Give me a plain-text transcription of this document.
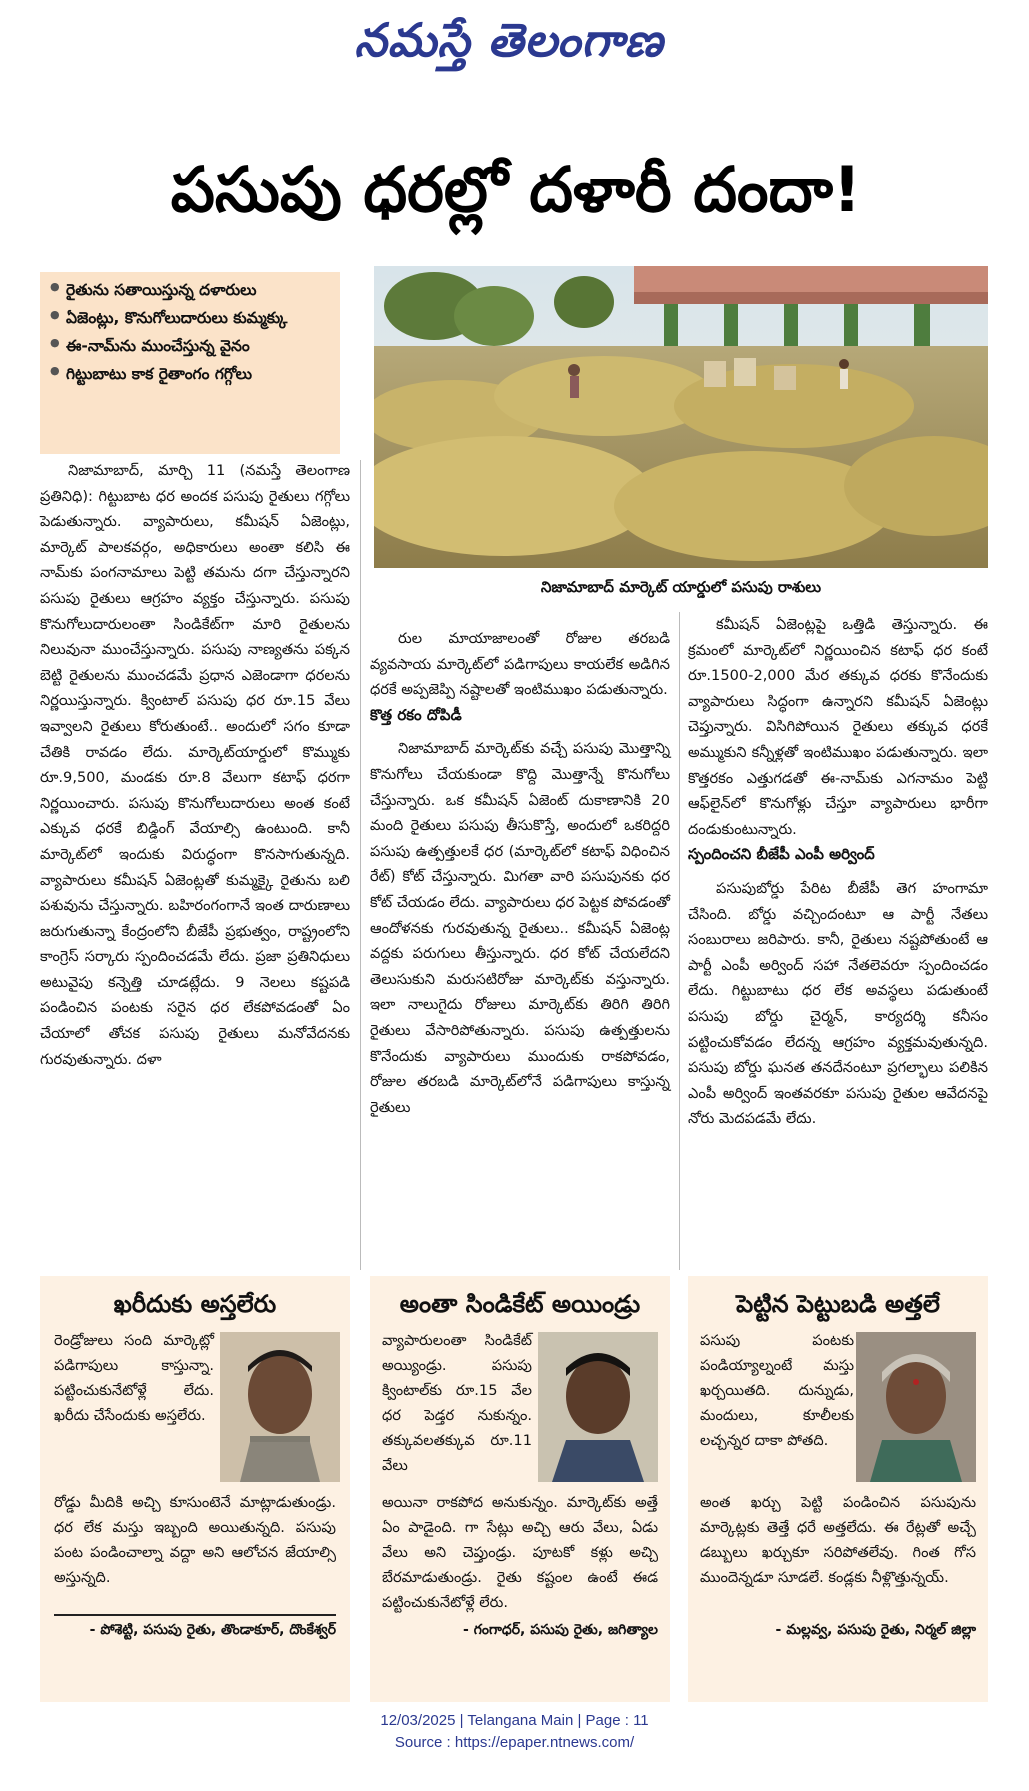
నమస్తే తెలంగాణ
పసుపు ధరల్లో దళారీ దందా!
● రైతును సతాయిస్తున్న దళారులు
● ఏజెంట్లు, కొనుగోలుదారులు కుమ్మక్కు
● ఈ-నామ్‌ను ముంచేస్తున్న వైనం
● గిట్టుబాటు కాక రైతాంగం గగ్గోలు
నిజామాబాద్ మార్కెట్ యార్డులో పసుపు రాశులు

నిజామాబాద్, మార్చి 11 (నమస్తే తెలంగాణ ప్రతినిధి): గిట్టుబాట ధర అందక పసుపు రైతులు గగ్గోలు పెడుతున్నారు. వ్యాపారులు, కమీషన్ ఏజెంట్లు, మార్కెట్ పాలకవర్గం, అధికారులు అంతా కలిసి ఈ నామ్‌కు పంగనామాలు పెట్టి తమను దగా చేస్తున్నారని పసుపు రైతులు ఆగ్రహం వ్యక్తం చేస్తున్నారు. పసుపు కొనుగోలుదారులంతా సిండికేట్‌గా మారి రైతులను నిలువునా ముంచేస్తున్నారు. పసుపు నాణ్యతను పక్కన బెట్టి రైతులను ముంచడమే ప్రధాన ఎజెండాగా ధరలను నిర్ణయిస్తున్నారు. క్వింటాల్ పసుపు ధర రూ.15 వేలు ఇవ్వాలని రైతులు కోరుతుంటే.. అందులో సగం కూడా చేతికి రావడం లేదు. మార్కెట్‌యార్డులో కొమ్ముకు రూ.9,500, మండకు రూ.8 వేలుగా కటాఫ్ ధరగా నిర్ణయించారు. పసుపు కొనుగోలుదారులు అంత కంటే ఎక్కువ ధరకే బిడ్డింగ్ వేయాల్సి ఉంటుంది. కానీ మార్కెట్‌లో ఇందుకు విరుద్ధంగా కొనసాగుతున్నది. వ్యాపారులు కమీషన్ ఏజెంట్లతో కుమ్మక్కై రైతును బలి పశువును చేస్తున్నారు. బహిరంగంగానే ఇంత దారుణాలు జరుగుతున్నా కేంద్రంలోని బీజేపీ ప్రభుత్వం, రాష్ట్రంలోని కాంగ్రెస్ సర్కారు స్పందించడమే లేదు. ప్రజా ప్రతినిధులు అటువైపు కన్నెత్తి చూడట్లేదు. 9 నెలలు కష్టపడి పండించిన పంటకు సరైన ధర లేకపోవడంతో ఏం చేయాలో తోచక పసుపు రైతులు మనోవేదనకు గురవుతున్నారు. దళా

రుల మాయాజాలంతో రోజుల తరబడి వ్యవసాయ మార్కెట్‌లో పడిగాపులు కాయలేక అడిగిన ధరకే అప్పజెప్పి నష్టాలతో ఇంటిముఖం పడుతున్నారు.

కొత్త రకం దోపిడీ

నిజామాబాద్ మార్కెట్‌కు వచ్చే పసుపు మొత్తాన్ని కొనుగోలు చేయకుండా కొద్ది మొత్తాన్నే కొనుగోలు చేస్తున్నారు. ఒక కమీషన్ ఏజెంట్ దుకాణానికి 20 మంది రైతులు పసుపు తీసుకొస్తే, అందులో ఒకరిద్దరి పసుపు ఉత్పత్తులకే ధర (మార్కెట్‌లో కటాఫ్ విధించిన రేట్) కోట్ చేస్తున్నారు. మిగతా వారి పసుపునకు ధర కోట్ చేయడం లేదు. వ్యాపారులు ధర పెట్టక పోవడంతో ఆందోళనకు గురవుతున్న రైతులు.. కమీషన్ ఏజెంట్ల వద్దకు పరుగులు తీస్తున్నారు. ధర కోట్ చేయలేదని తెలుసుకుని మరుసటిరోజు మార్కెట్‌కు వస్తున్నారు. ఇలా నాలుగైదు రోజులు మార్కెట్‌కు తిరిగి తిరిగి రైతులు వేసారిపోతున్నారు. పసుపు ఉత్పత్తులను కొనేందుకు వ్యాపారులు ముందుకు రాకపోవడం, రోజుల తరబడి మార్కెట్‌లోనే పడిగాపులు కాస్తున్న రైతులు

కమీషన్ ఏజెంట్లపై ఒత్తిడి తెస్తున్నారు. ఈ క్రమంలో మార్కెట్‌లో నిర్ణయించిన కటాఫ్ ధర కంటే రూ.1500-2,000 మేర తక్కువ ధరకు కొనేందుకు వ్యాపారులు సిద్ధంగా ఉన్నారని కమీషన్ ఏజెంట్లు చెప్తున్నారు. విసిగిపోయిన రైతులు తక్కువ ధరకే అమ్ముకుని కన్నీళ్లతో ఇంటిముఖం పడుతున్నారు. ఇలా కొత్తరకం ఎత్తుగడతో ఈ-నామ్‌కు ఎగనామం పెట్టి ఆఫ్‌లైన్‌లో కొనుగోళ్లు చేస్తూ వ్యాపారులు భారీగా దండుకుంటున్నారు.

స్పందించని బీజేపీ ఎంపీ అర్వింద్

పసుపుబోర్డు పేరిట బీజేపీ తెగ హంగామా చేసింది. బోర్డు వచ్చిందంటూ ఆ పార్టీ నేతలు సంబురాలు జరిపారు. కానీ, రైతులు నష్టపోతుంటే ఆ పార్టీ ఎంపీ అర్వింద్ సహా నేతలెవరూ స్పందించడం లేదు. గిట్టుబాటు ధర లేక అవస్థలు పడుతుంటే పసుపు బోర్డు చైర్మన్, కార్యదర్శి కనీసం పట్టించుకోవడం లేదన్న ఆగ్రహం వ్యక్తమవుతున్నది. పసుపు బోర్డు ఘనత తనదేనంటూ ప్రగల్భాలు పలికిన ఎంపీ అర్వింద్ ఇంతవరకూ పసుపు రైతుల ఆవేదనపై నోరు మెదపడమే లేదు.

ఖరీదుకు అస్తలేరు
రెండ్రోజులు సంది మార్కెట్లో పడిగాపులు కాస్తున్నా. పట్టించుకునేటోళ్లే లేదు. ఖరీదు చేసేందుకు అస్తలేరు.
రోడ్డు మీదికి అచ్చి కూసుంటెనే మాట్లాడుతుండ్రు. ధర లేక మస్తు ఇబ్బంది అయితున్నది. పసుపు పంట పండించాల్నా వద్దా అని ఆలోచన జేయాల్సి అస్తున్నది.
- పోశెట్టి, పసుపు రైతు, తొండాకూర్, దొంకేశ్వర్
అంతా సిండికేట్ అయిండ్రు
వ్యాపారులంతా సిండికేట్ అయ్యిండ్రు. పసుపు క్వింటాల్‌కు రూ.15 వేల ధర పెడ్తర నుకున్నం. తక్కువలతక్కువ రూ.11 వేలు
అయినా రాకపోద అనుకున్నం. మార్కెట్‌కు అత్తే ఏం పాడైంది. గా సేట్లు అచ్చి ఆరు వేలు, ఏడు వేలు అని చెప్తుండ్రు. పూటకో కళ్లు అచ్చి బేరమాడుతుండ్రు. రైతు కష్టంల ఉంటే ఈడ పట్టించుకునేటోళ్లే లేరు.
- గంగాధర్, పసుపు రైతు, జగిత్యాల
పెట్టిన పెట్టుబడి అత్తలే
పసుపు పంటకు పండియ్యాల్నంటే మస్తు ఖర్చయితది. దున్నుడు, మందులు, కూలీలకు లచ్చన్నర దాకా పోతది.
అంత ఖర్చు పెట్టి పండించిన పసుపును మార్కెట్లకు తెత్తే ధరే అత్తలేదు. ఈ రేట్లతో అచ్చే డబ్బులు ఖర్చుకూ సరిపోతలేవు. గింత గోస ముందెన్నడూ సూడలే. కండ్లకు నీళ్లొత్తున్నయ్.
- మల్లవ్వ, పసుపు రైతు, నిర్మల్ జిల్లా
12/03/2025 | Telangana Main | Page : 11
Source : https://epaper.ntnews.com/
